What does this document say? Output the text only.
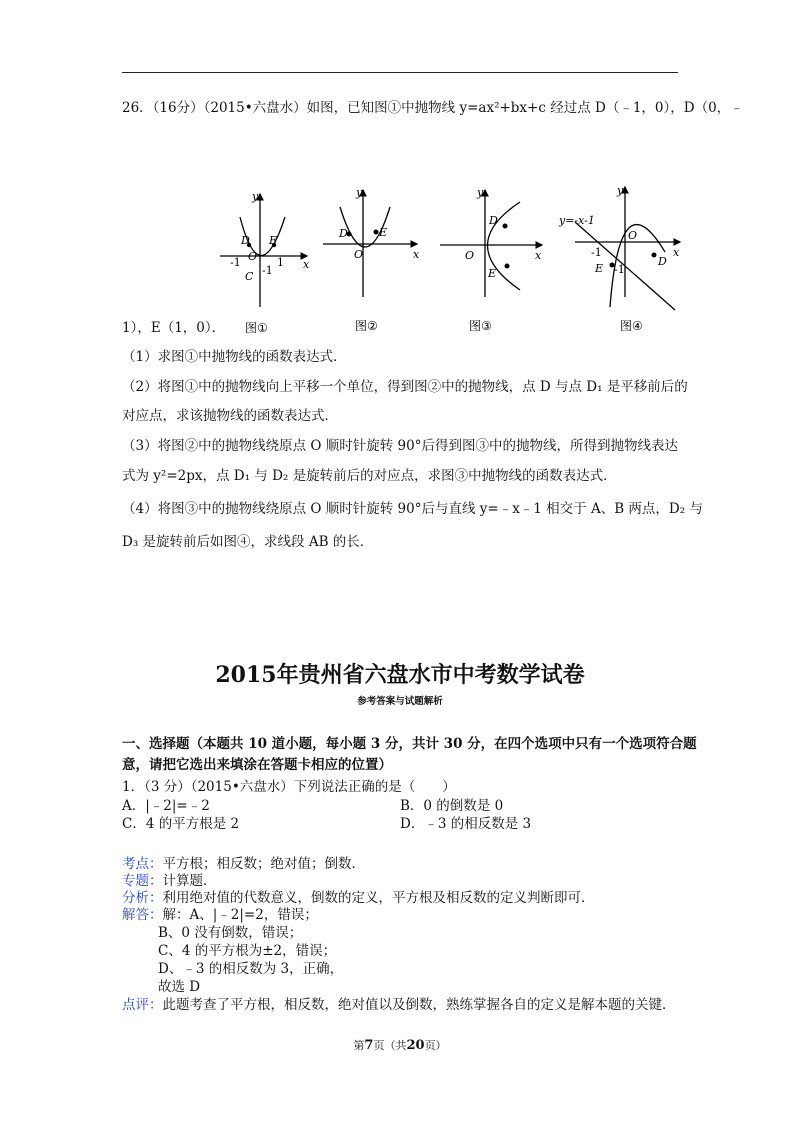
26．（16分）（2015•六盘水）如图，已知图①中抛物线 y=ax²+bx+c 经过点 D（﹣1，0），D（0，﹣
y
x
D E
O
-1	1
C -1
y
x
D	E
O
y
x
D
E
O
y
x
y=-x-1
O
-1
E -1
D
图①	图②	图③	图④
1），E（1，0）．
（1）求图①中抛物线的函数表达式．
（2）将图①中的抛物线向上平移一个单位，得到图②中的抛物线，点 D 与点 D₁ 是平移前后的
对应点，求该抛物线的函数表达式．
（3）将图②中的抛物线绕原点 O 顺时针旋转 90°后得到图③中的抛物线，所得到抛物线表达
式为 y²=2px，点 D₁ 与 D₂ 是旋转前后的对应点，求图③中抛物线的函数表达式．
（4）将图③中的抛物线绕原点 O 顺时针旋转 90°后与直线 y=﹣x﹣1 相交于 A、B 两点，D₂ 与
D₃ 是旋转前后如图④，求线段 AB 的长．
2015年贵州省六盘水市中考数学试卷
参考答案与试题解析
一、选择题（本题共 10 道小题，每小题 3 分，共计 30 分，在四个选项中只有一个选项符合题
意，请把它选出来填涂在答题卡相应的位置）
1．（3 分）（2015•六盘水）下列说法正确的是（　　）
A．|﹣2|=﹣2	B．0 的倒数是 0
C．4 的平方根是 2	D．﹣3 的相反数是 3
考点：平方根；相反数；绝对值；倒数．
专题：计算题．
分析：利用绝对值的代数意义，倒数的定义，平方根及相反数的定义判断即可．
解答：解：A、|﹣2|=2，错误；
B、0 没有倒数，错误；
C、4 的平方根为±2，错误；
D、﹣3 的相反数为 3，正确，
故选 D
点评：此题考查了平方根，相反数，绝对值以及倒数，熟练掌握各自的定义是解本题的关键．
第7页（共20页）
